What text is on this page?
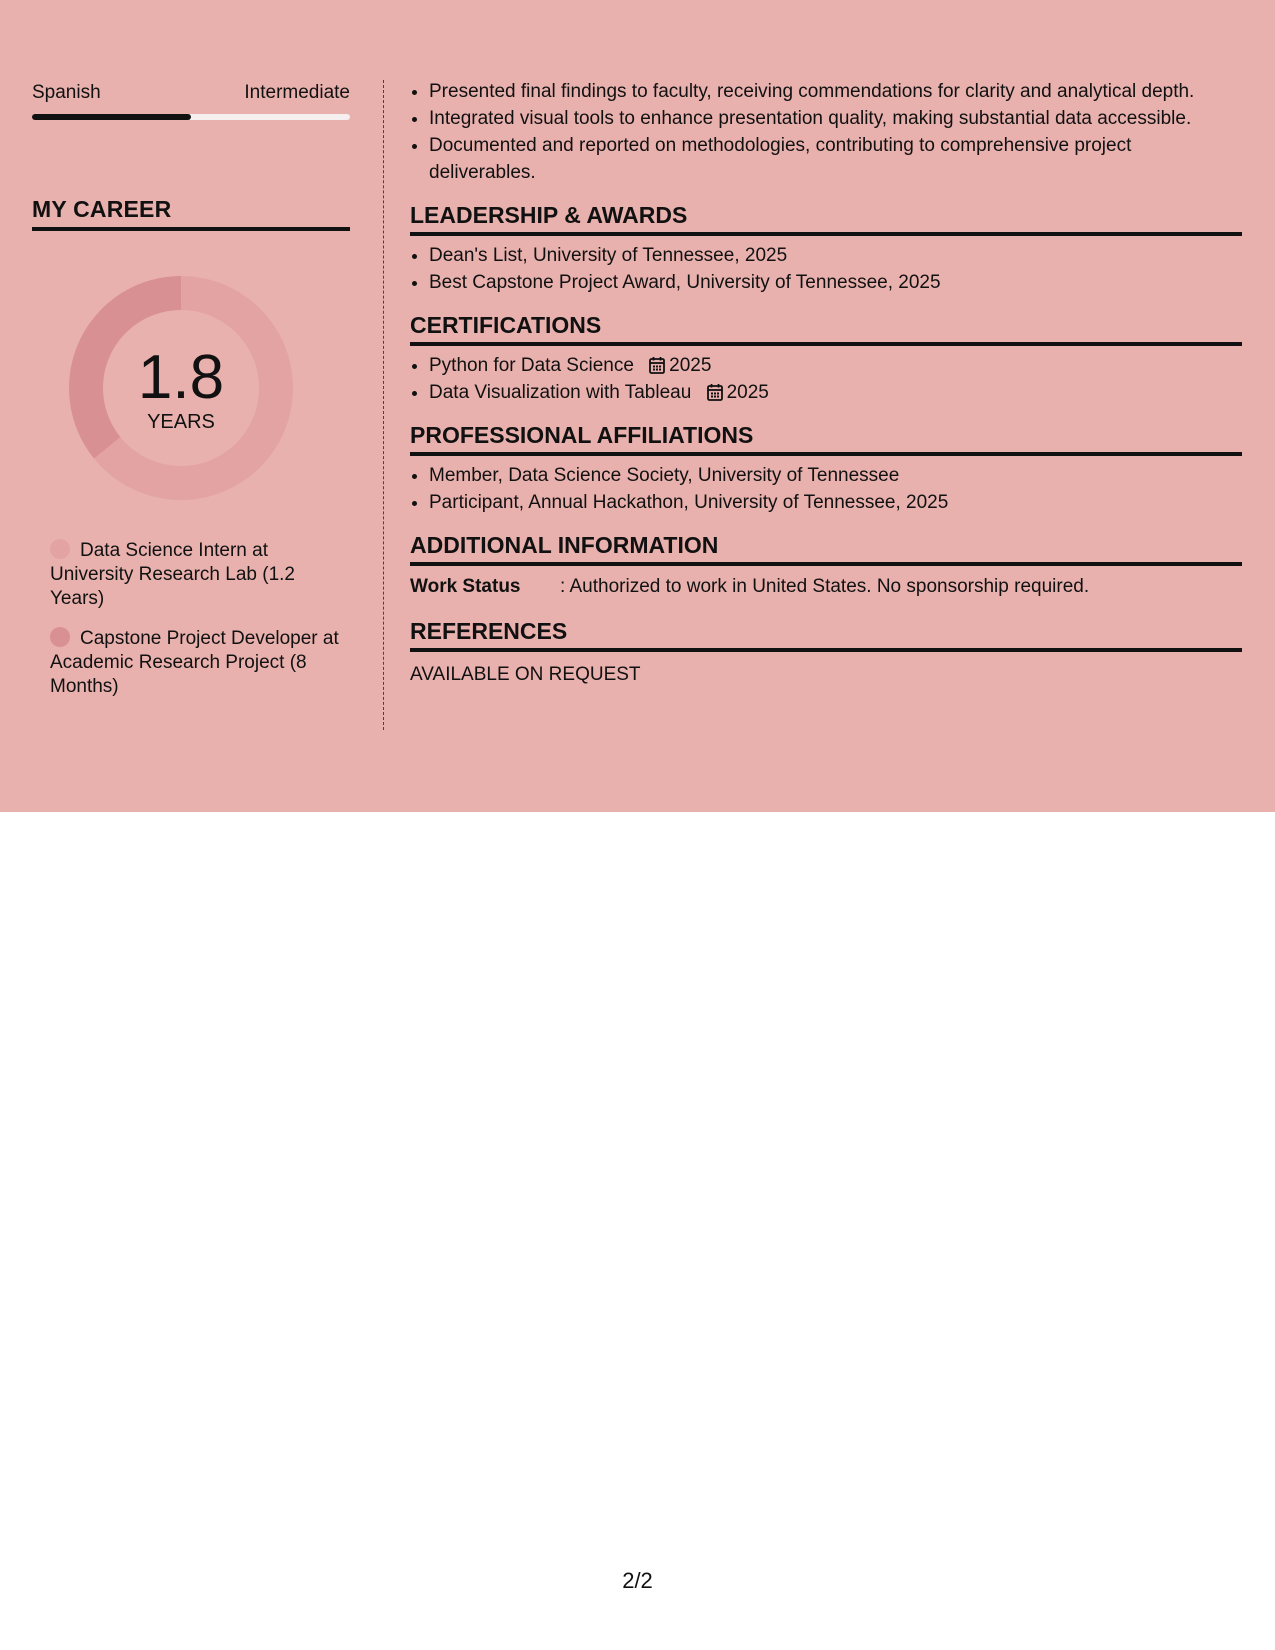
Spanish	Intermediate
MY CAREER
1.8
YEARS
Data Science Intern at University Research Lab (1.2 Years)
Capstone Project Developer at Academic Research Project (8 Months)
• Presented final findings to faculty, receiving commendations for clarity and analytical depth.
• Integrated visual tools to enhance presentation quality, making substantial data accessible.
• Documented and reported on methodologies, contributing to comprehensive project deliverables.
LEADERSHIP & AWARDS
• Dean's List, University of Tennessee, 2025
• Best Capstone Project Award, University of Tennessee, 2025
CERTIFICATIONS
• Python for Data Science 2025
• Data Visualization with Tableau 2025
PROFESSIONAL AFFILIATIONS
• Member, Data Science Society, University of Tennessee
• Participant, Annual Hackathon, University of Tennessee, 2025
ADDITIONAL INFORMATION
Work Status : Authorized to work in United States. No sponsorship required.
REFERENCES
AVAILABLE ON REQUEST
2/2
